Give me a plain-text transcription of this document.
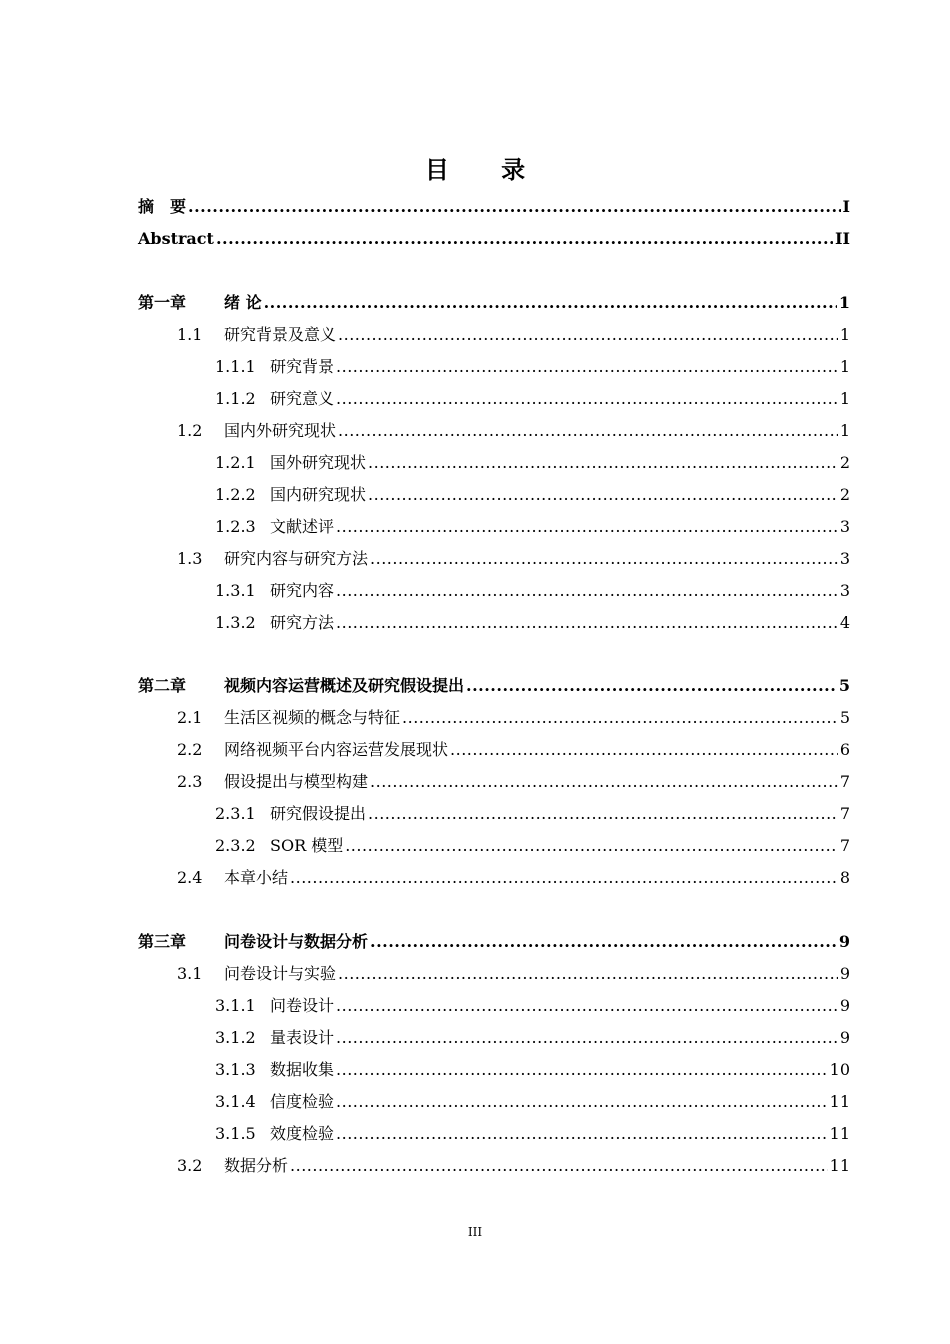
目 录
摘　要 .....	I
Abstract .....	II
第一章	绪 论 .....	1
1.1	研究背景及意义 .....	1
1.1.1 研究背景 .....	1
1.1.2 研究意义 .....	1
1.2	国内外研究现状 .....	1
1.2.1 国外研究现状 .....	2
1.2.2 国内研究现状 .....	2
1.2.3 文献述评 .....	3
1.3	研究内容与研究方法 .....	3
1.3.1 研究内容 .....	3
1.3.2 研究方法 .....	4
第二章	视频内容运营概述及研究假设提出 .....	5
2.1	生活区视频的概念与特征 .....	5
2.2	网络视频平台内容运营发展现状 .....	6
2.3	假设提出与模型构建 .....	7
2.3.1 研究假设提出 .....	7
2.3.2 SOR 模型 .....	7
2.4	本章小结 .....	8
第三章	问卷设计与数据分析 .....	9
3.1	问卷设计与实验 .....	9
3.1.1 问卷设计 .....	9
3.1.2 量表设计 .....	9
3.1.3 数据收集 .....	10
3.1.4 信度检验 .....	11
3.1.5 效度检验 .....	11
3.2	数据分析 .....	11
III
